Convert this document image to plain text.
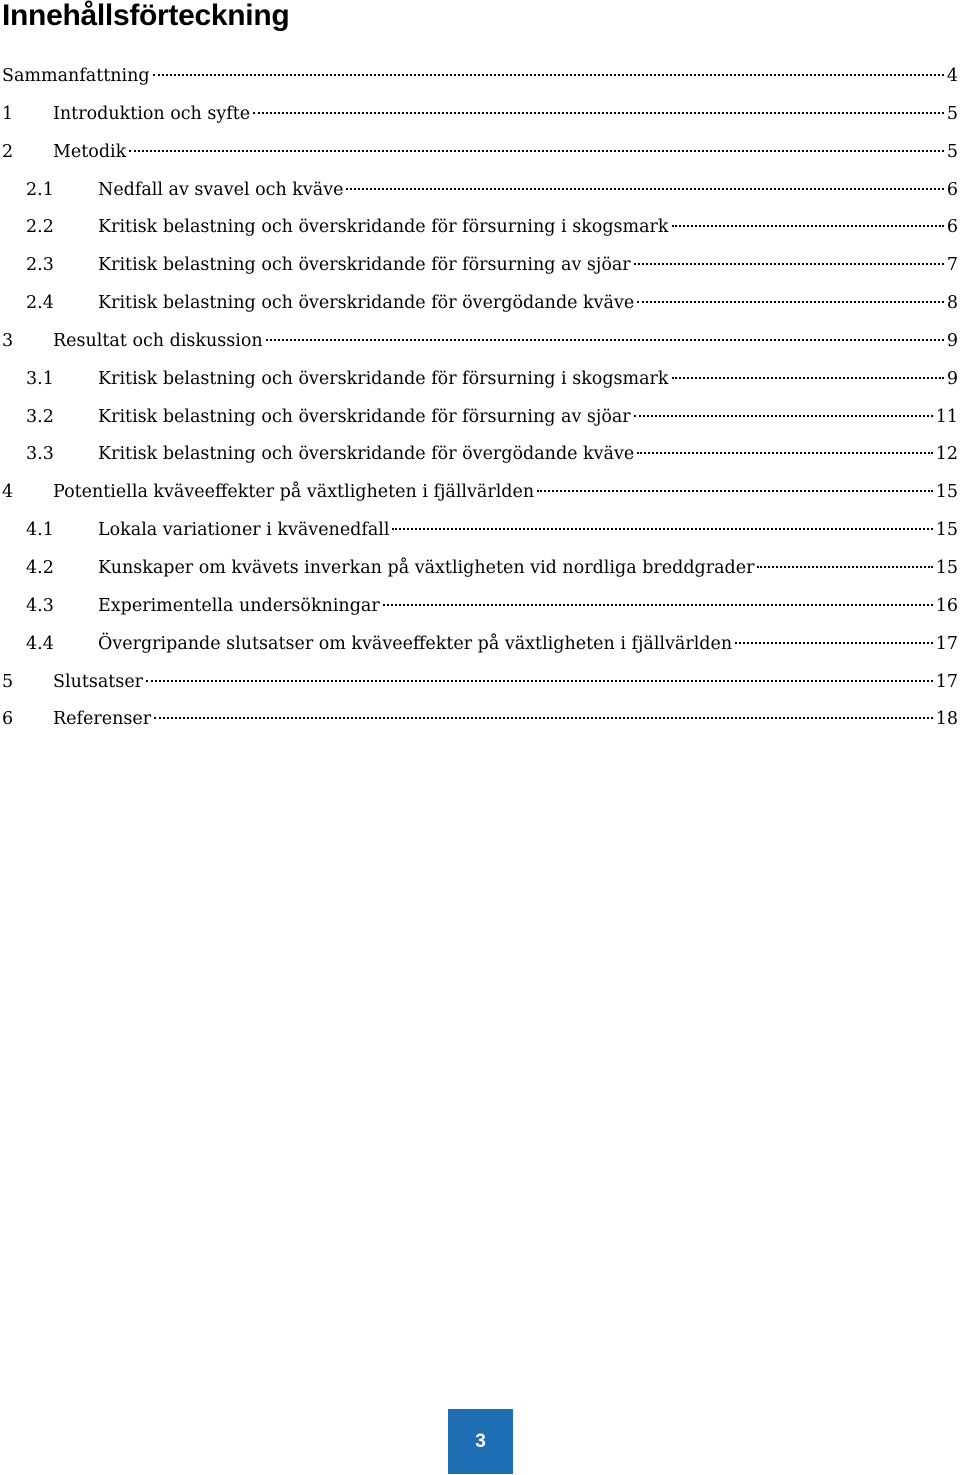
Innehållsförteckning
Sammanfattning	4
1 Introduktion och syfte	5
2 Metodik	5
2.1	Nedfall av svavel och kväve	6
2.2	Kritisk belastning och överskridande för försurning i skogsmark	6
2.3	Kritisk belastning och överskridande för försurning av sjöar	7
2.4	Kritisk belastning och överskridande för övergödande kväve	8
3 Resultat och diskussion	9
3.1	Kritisk belastning och överskridande för försurning i skogsmark	9
3.2	Kritisk belastning och överskridande för försurning av sjöar	11
3.3	Kritisk belastning och överskridande för övergödande kväve	12
4 Potentiella kväveeffekter på växtligheten i fjällvärlden	15
4.1	Lokala variationer i kvävenedfall	15
4.2	Kunskaper om kvävets inverkan på växtligheten vid nordliga breddgrader	15
4.3	Experimentella undersökningar	16
4.4	Övergripande slutsatser om kväveeffekter på växtligheten i fjällvärlden	17
5 Slutsatser	17
6 Referenser	18
3
